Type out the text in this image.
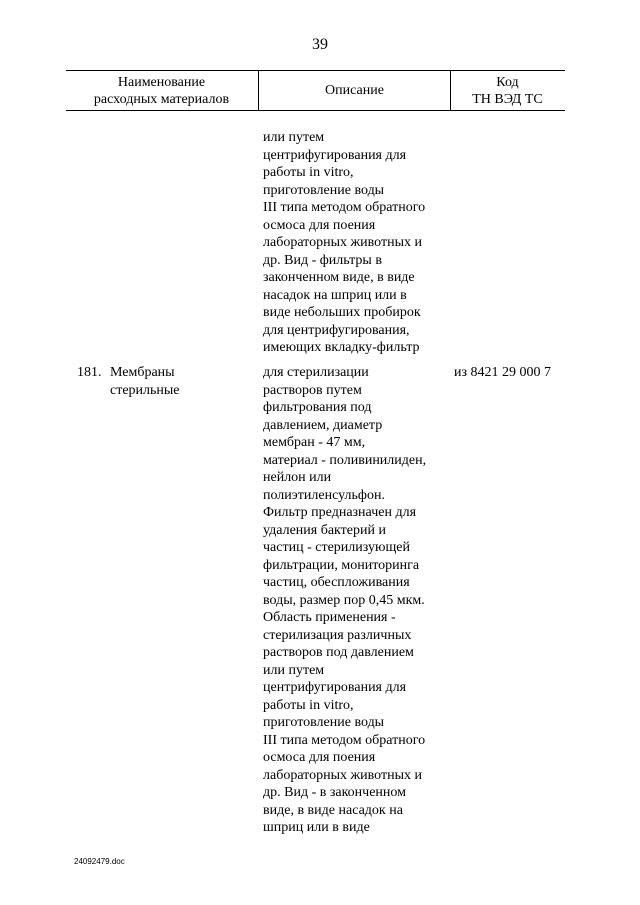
39
Наименование
расходных материалов
Описание
Код
ТН ВЭД ТС
или путем
центрифугирования для
работы in vitro,
приготовление воды
III типа методом обратного
осмоса для поения
лабораторных животных и
др. Вид - фильтры в
законченном виде, в виде
насадок на шприц или в
виде небольших пробирок
для центрифугирования,
имеющих вкладку-фильтр
181. Мембраны
стерильные
для стерилизации
растворов путем
фильтрования под
давлением, диаметр
мембран - 47 мм,
материал - поливинилиден,
нейлон или
полиэтиленсульфон.
Фильтр предназначен для
удаления бактерий и
частиц - стерилизующей
фильтрации, мониторинга
частиц, обеспложивания
воды, размер пор 0,45 мкм.
Область применения -
стерилизация различных
растворов под давлением
или путем
центрифугирования для
работы in vitro,
приготовление воды
III типа методом обратного
осмоса для поения
лабораторных животных и
др. Вид - в законченном
виде, в виде насадок на
шприц или в виде
из 8421 29 000 7
24092479.doc
